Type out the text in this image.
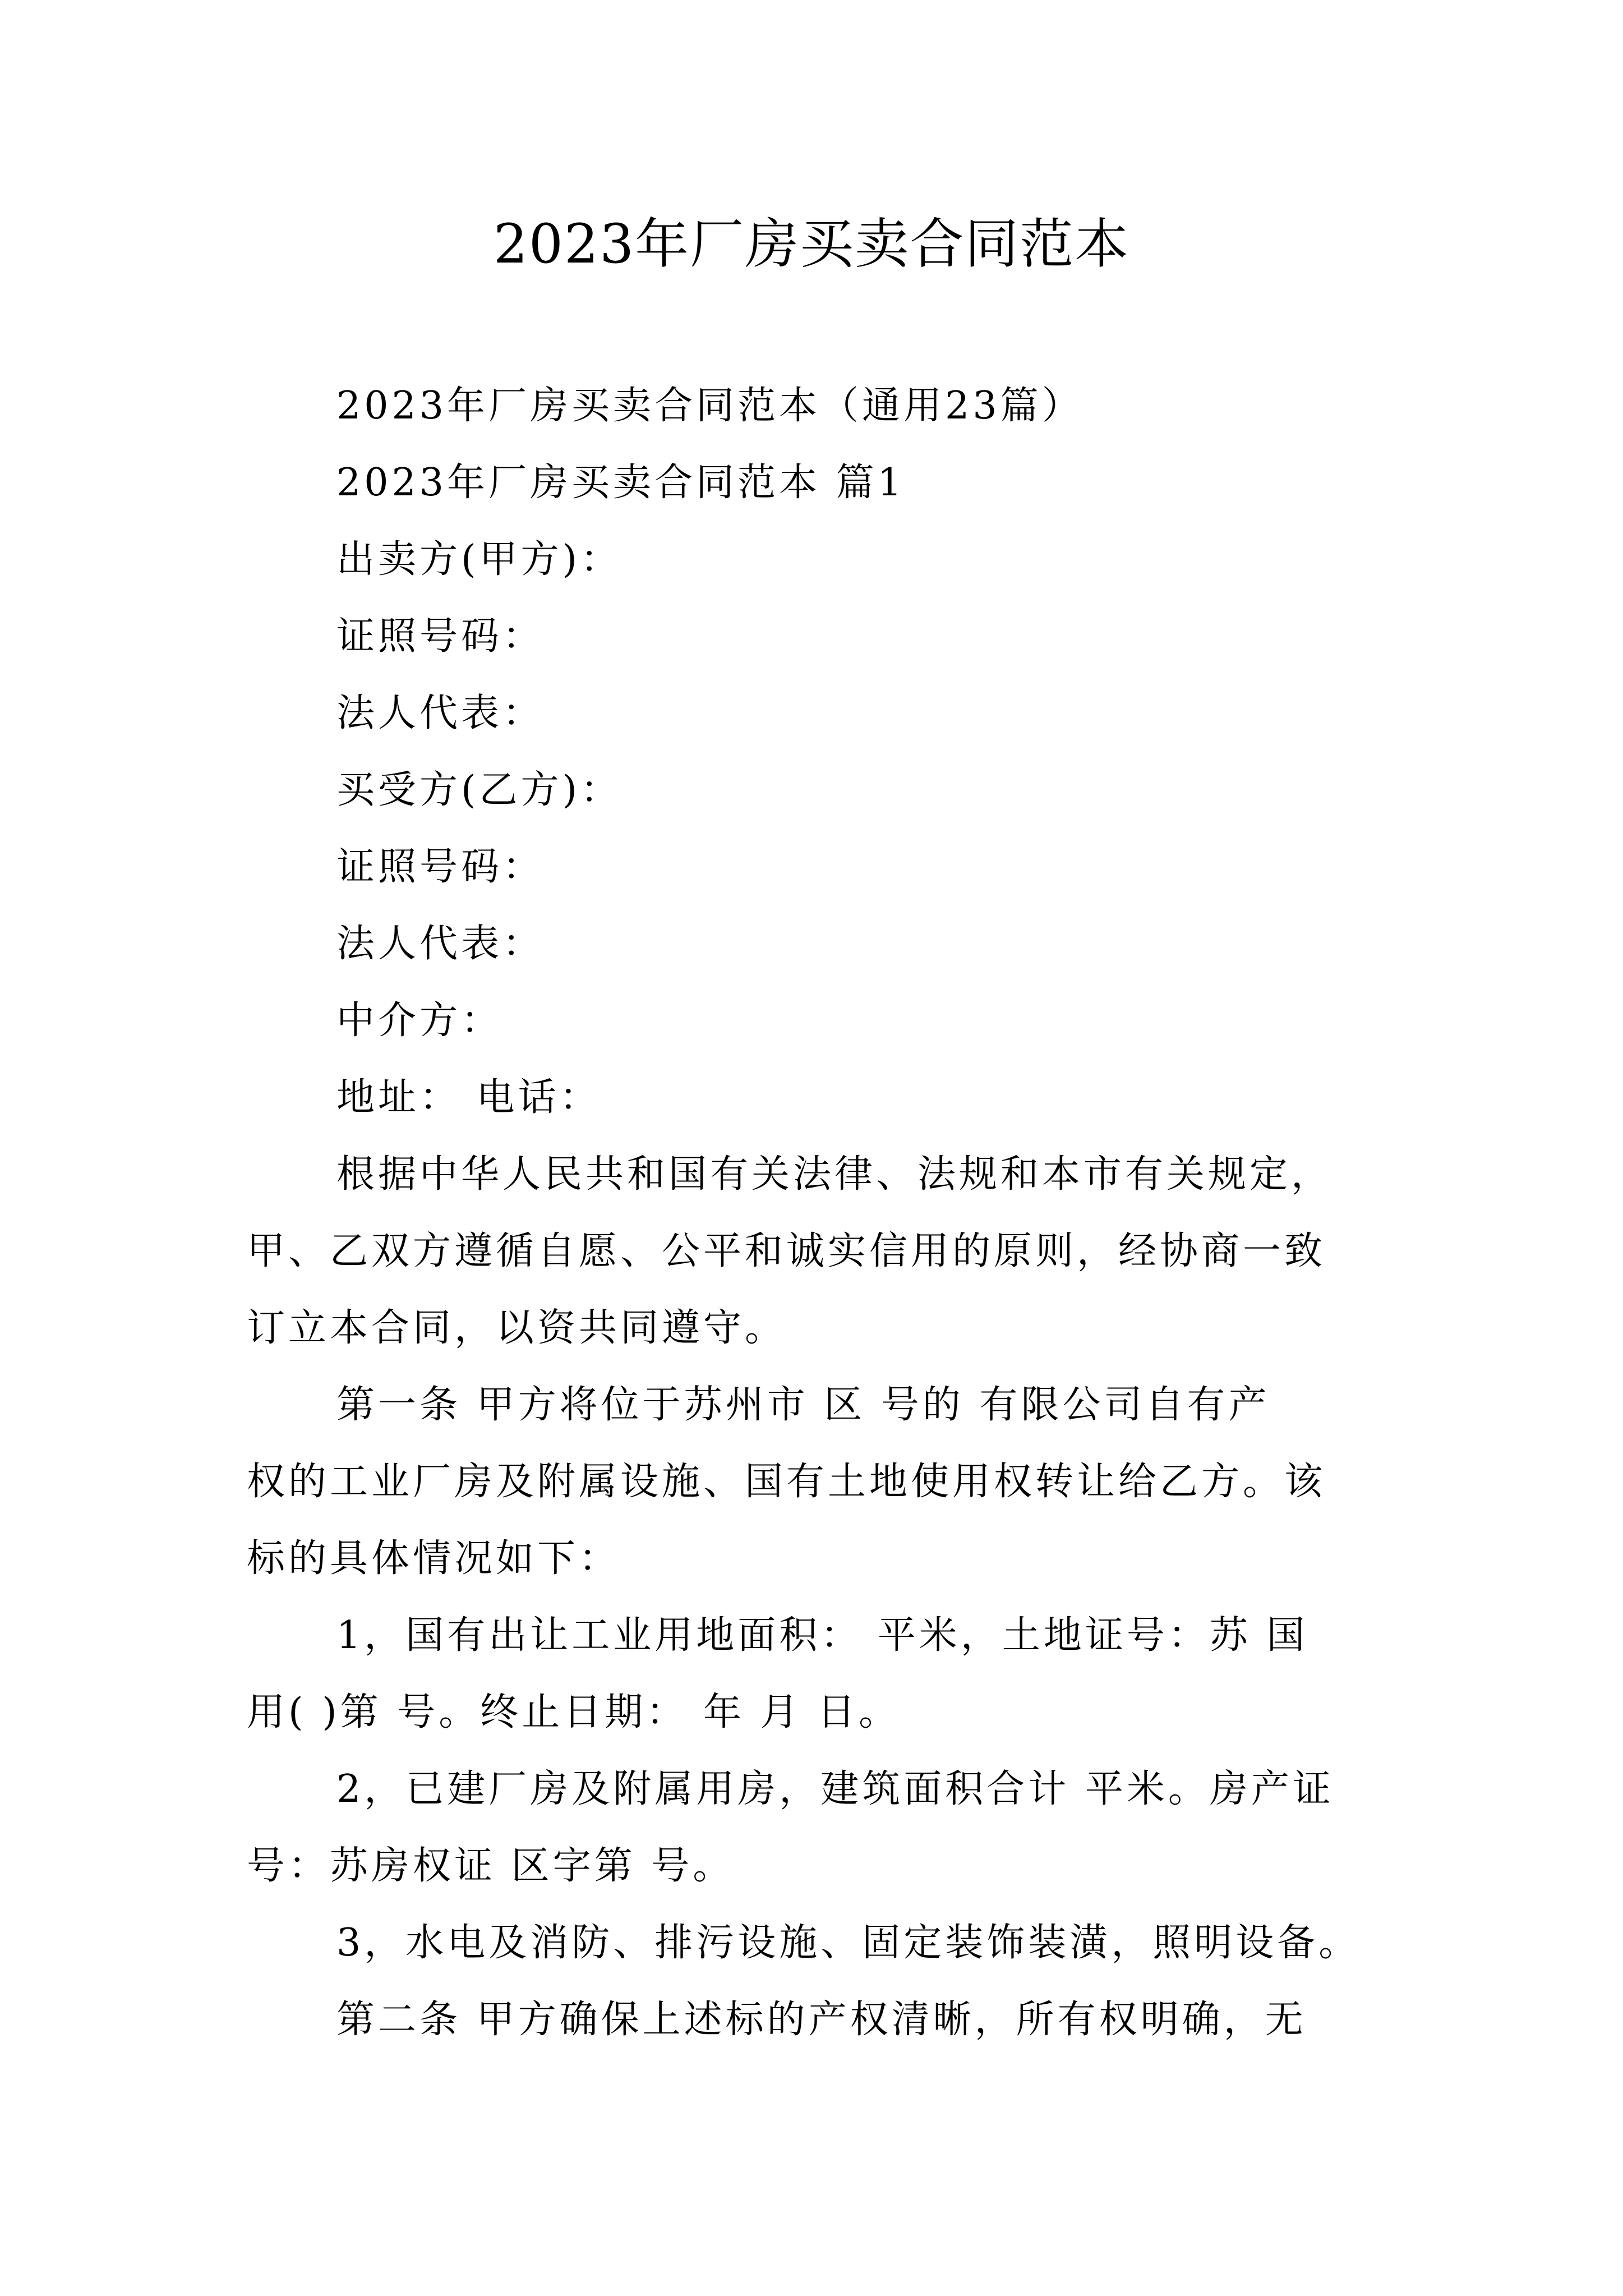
2023年厂房买卖合同范本
2023年厂房买卖合同范本（通用23篇）
2023年厂房买卖合同范本 篇1
出卖方(甲方)：
证照号码：
法人代表：
买受方(乙方)：
证照号码：
法人代表：
中介方：
地址： 电话：
根据中华人民共和国有关法律、法规和本市有关规定，
甲、乙双方遵循自愿、公平和诚实信用的原则，经协商一致
订立本合同，以资共同遵守。
第一条 甲方将位于苏州市 区 号的 有限公司自有产
权的工业厂房及附属设施、国有土地使用权转让给乙方。该
标的具体情况如下：
1，国有出让工业用地面积： 平米，土地证号：苏 国
用( )第 号。终止日期： 年 月 日。
2，已建厂房及附属用房，建筑面积合计 平米。房产证
号：苏房权证 区字第 号。
3，水电及消防、排污设施、固定装饰装潢，照明设备。
第二条 甲方确保上述标的产权清晰，所有权明确，无
